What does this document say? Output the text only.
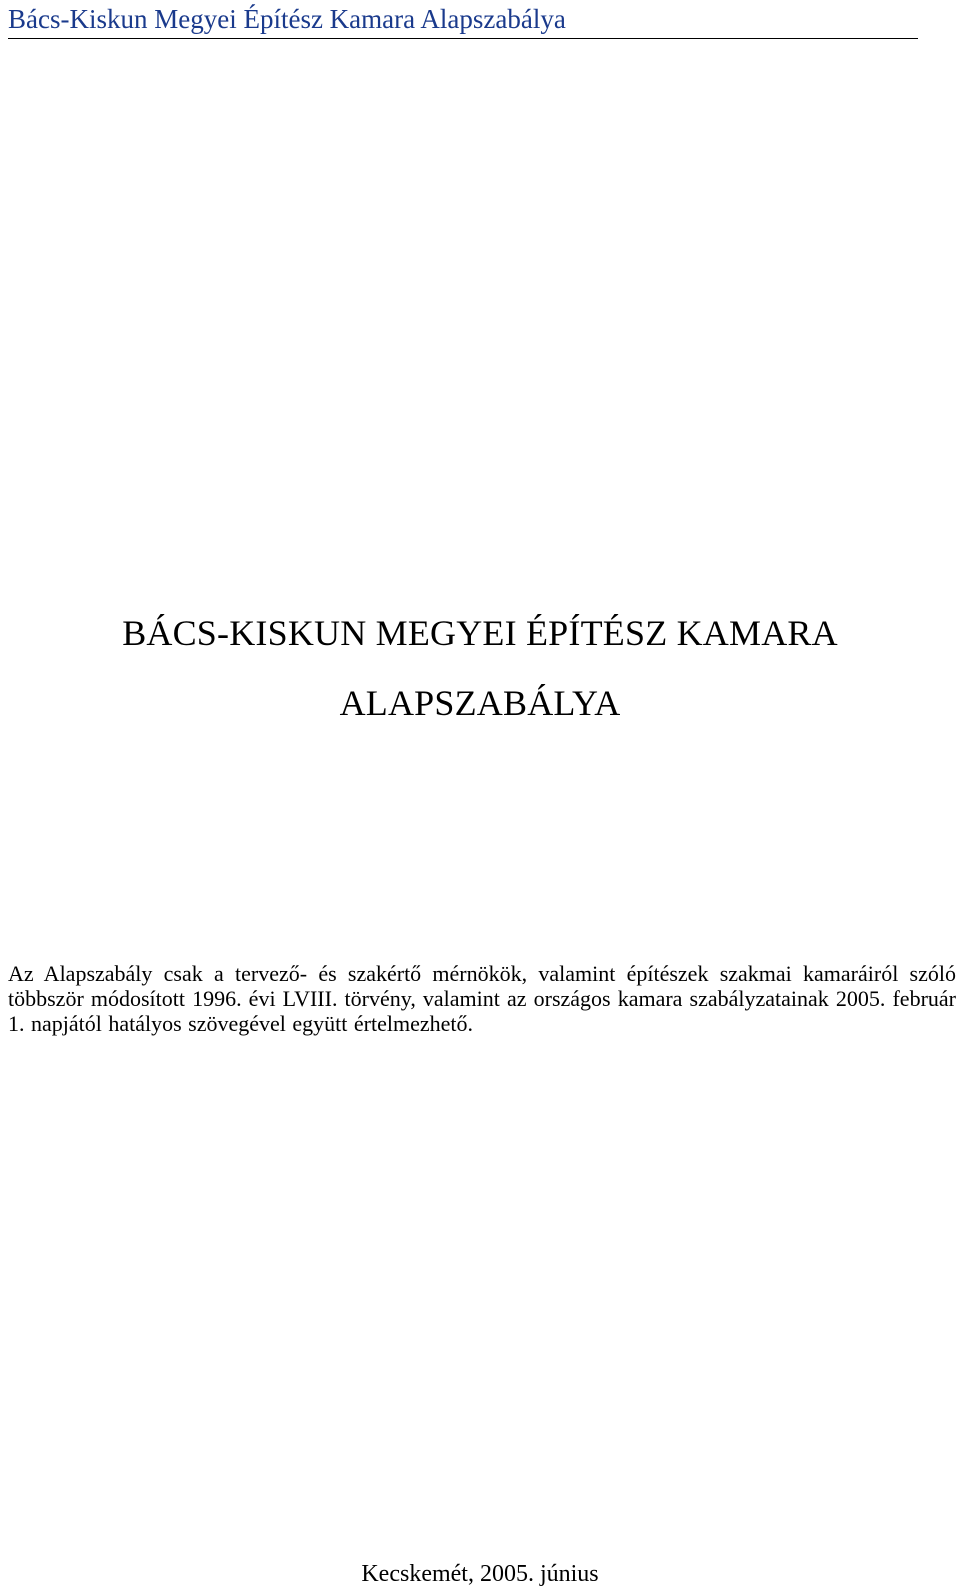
Bács-Kiskun Megyei Építész Kamara Alapszabálya
BÁCS-KISKUN MEGYEI ÉPÍTÉSZ KAMARA
ALAPSZABÁLYA

Az Alapszabály csak a tervező- és szakértő mérnökök, valamint építészek szakmai kamaráiról szóló többször módosított 1996. évi LVIII. törvény, valamint az országos kamara szabályzatainak 2005. február 1. napjától hatályos szövegével együtt értelmezhető.

Kecskemét, 2005. június
